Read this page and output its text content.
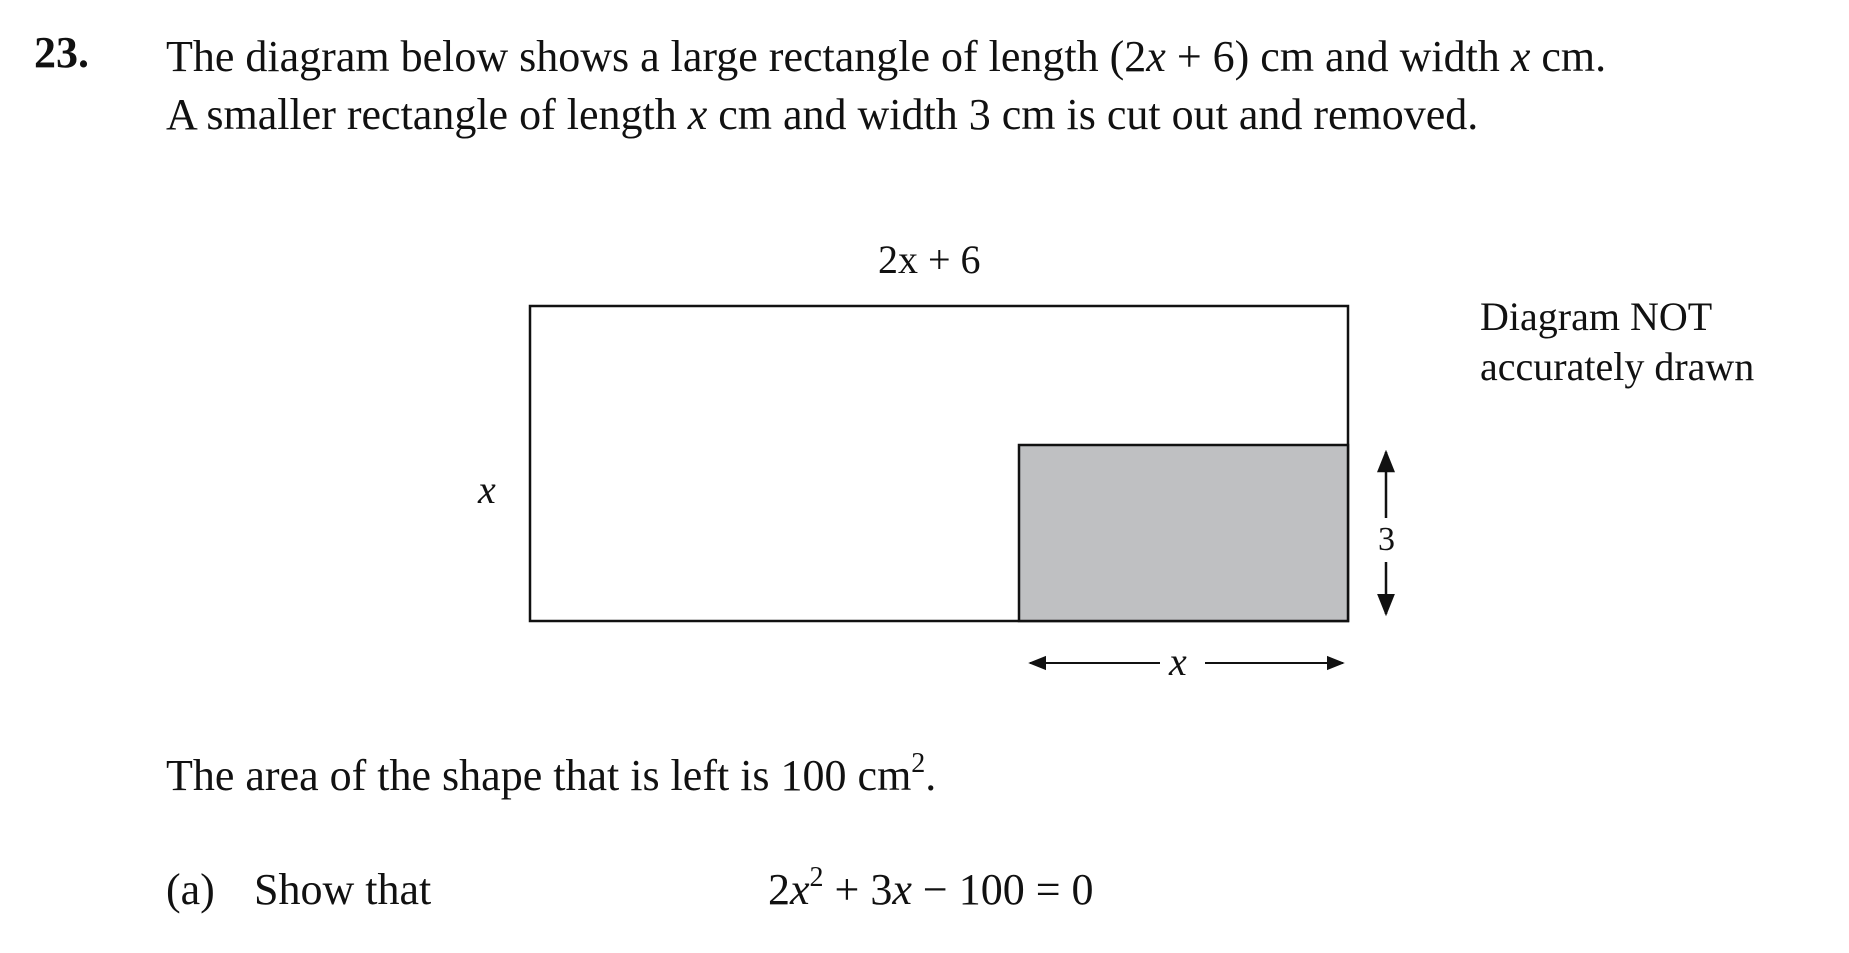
23. The diagram below shows a large rectangle of length (2x + 6) cm and width x cm.

A smaller rectangle of length x cm and width 3 cm is cut out and removed.

2x + 6
x
3
x
Diagram NOT
accurately drawn
The area of the shape that is left is 100 $cm^2$.
(a) Show that	$2x^2 + 3x - 100 = 0$
